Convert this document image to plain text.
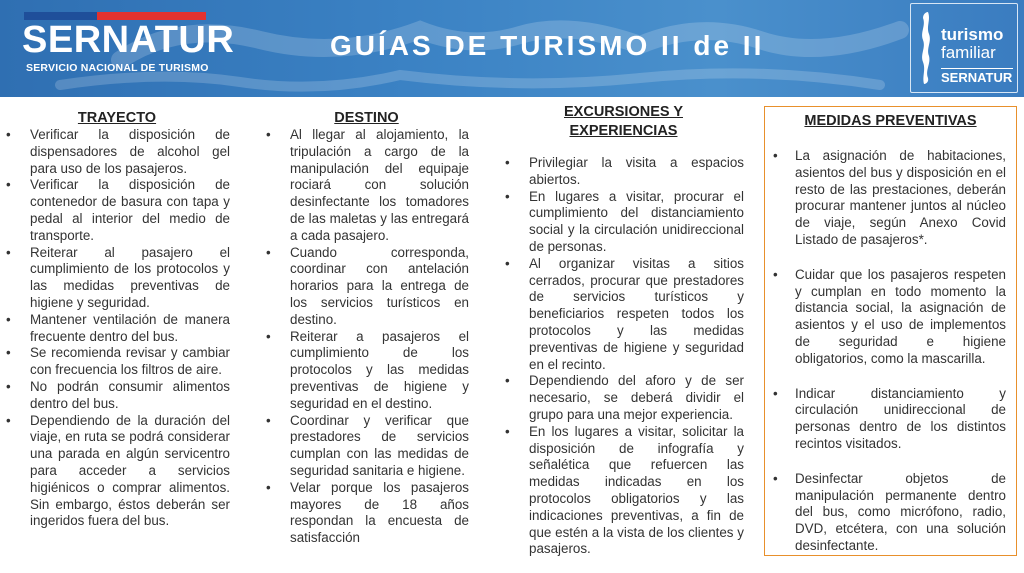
SERNATUR
SERVICIO NACIONAL DE TURISMO
GUÍAS DE TURISMO II de II	turismo
familiar
SERNATUR
TRAYECTO
• Verificar la disposición de dispensadores de alcohol gel para uso de los pasajeros.
• Verificar la disposición de contenedor de basura con tapa y pedal al interior del medio de transporte.
• Reiterar al pasajero el cumplimiento de los protocolos y las medidas preventivas de higiene y seguridad.
• Mantener ventilación de manera frecuente dentro del bus.
• Se recomienda revisar y cambiar con frecuencia los filtros de aire.
• No podrán consumir alimentos dentro del bus.
• Dependiendo de la duración del viaje, en ruta se podrá considerar una parada en algún servicentro para acceder a servicios higiénicos o comprar alimentos. Sin embargo, éstos deberán ser ingeridos fuera del bus.
DESTINO
• Al llegar al alojamiento, la tripulación a cargo de la manipulación del equipaje rociará con solución desinfectante los tomadores de las maletas y las entregará a cada pasajero.
• Cuando corresponda, coordinar con antelación horarios para la entrega de los servicios turísticos en destino.
• Reiterar a pasajeros el cumplimiento de los protocolos y las medidas preventivas de higiene y seguridad en el destino.
• Coordinar y verificar que prestadores de servicios cumplan con las medidas de seguridad sanitaria e higiene.
• Velar porque los pasajeros mayores de 18 años respondan la encuesta de satisfacción
EXCURSIONES Y EXPERIENCIAS
• Privilegiar la visita a espacios abiertos.
• En lugares a visitar, procurar el cumplimiento del distanciamiento social y la circulación unidireccional de personas.
• Al organizar visitas a sitios cerrados, procurar que prestadores de servicios turísticos y beneficiarios respeten todos los protocolos y las medidas preventivas de higiene y seguridad en el recinto.
• Dependiendo del aforo y de ser necesario, se deberá dividir el grupo para una mejor experiencia.
• En los lugares a visitar, solicitar la disposición de infografía y señalética que refuercen las medidas indicadas en los protocolos obligatorios y las indicaciones preventivas, a fin de que estén a la vista de los clientes y pasajeros.
MEDIDAS PREVENTIVAS
• La asignación de habitaciones, asientos del bus y disposición en el resto de las prestaciones, deberán procurar mantener juntos al núcleo de viaje, según Anexo Covid Listado de pasajeros*.
• Cuidar que los pasajeros respeten y cumplan en todo momento la distancia social, la asignación de asientos y el uso de implementos de seguridad e higiene obligatorios, como la mascarilla.
• Indicar distanciamiento y circulación unidireccional de personas dentro de los distintos recintos visitados.
• Desinfectar objetos de manipulación permanente dentro del bus, como micrófono, radio, DVD, etcétera, con una solución desinfectante.
